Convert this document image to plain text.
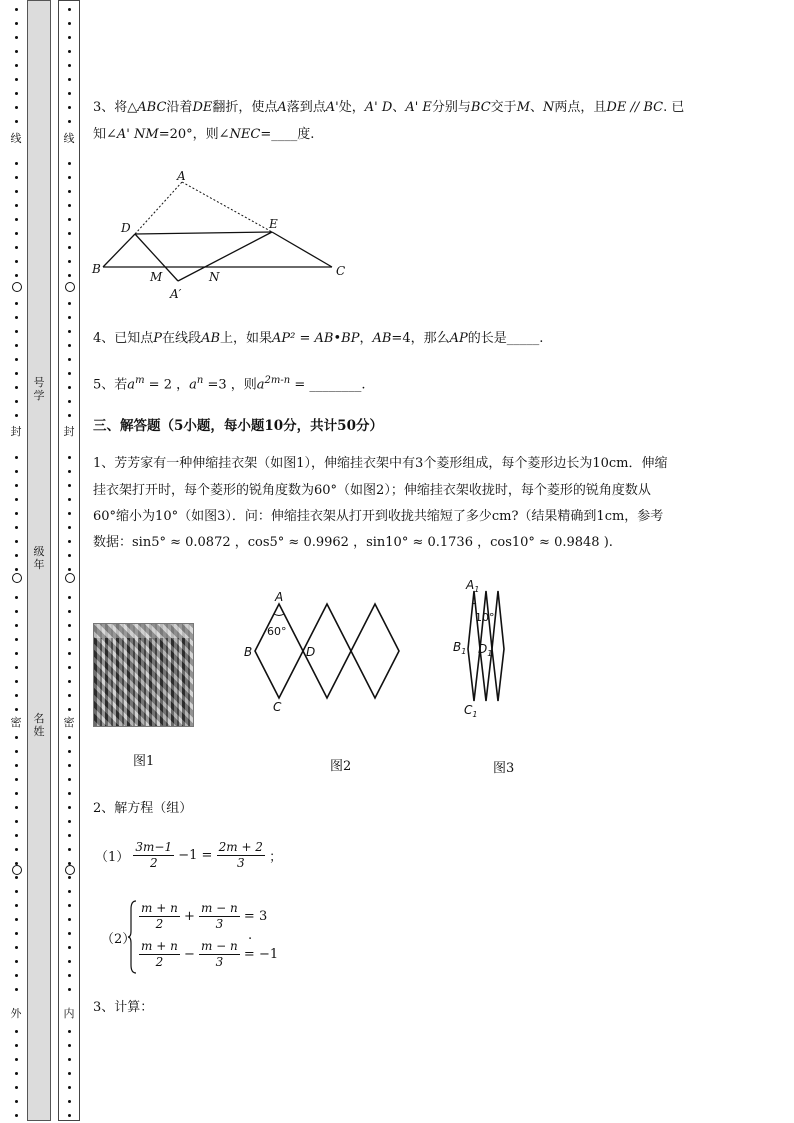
线
封
密
外
线
封
密
内
号学
级年
名姓
3、将△ABC沿着DE翻折，使点A落到点A'处，A' D、A' E分别与BC交于M、N两点，且DE // BC. 已
知∠A' NM=20°，则∠NEC=____度.
A
D	E
B
M	N	C
A′
4、已知点P在线段AB上，如果AP² = AB•BP，AB=4，那么AP的长是_____.
5、若$a^m = 2$ ，$a^n =3$ ，则$a^{2m-n}$ = ________.
三、解答题（5小题，每小题10分，共计50分）
1、芳芳家有一种伸缩挂衣架（如图1），伸缩挂衣架中有3个菱形组成，每个菱形边长为10cm．伸缩
挂衣架打开时，每个菱形的锐角度数为60°（如图2）；伸缩挂衣架收拢时，每个菱形的锐角度数从
60°缩小为10°（如图3）．问：伸缩挂衣架从打开到收拢共缩短了多少cm?（结果精确到1cm，参考
数据：sin5° ≈ 0.0872 ，cos5° ≈ 0.9962 ，sin10° ≈ 0.1736 ，cos10° ≈ 0.9848 ).
图1
A
B
C
D
60°
图2
$A_1$
$B_1$
$C_1$
$D_1$
10°
图3
2、解方程（组）
$(1) \frac{3m-1}{2} -1 = \frac{2m + 2}{3}$ ；
（2）
$\frac{m + n}{2} + \frac{m - n}{3} = 3$
$\frac{m + n}{2} - \frac{m - n}{3} = -1$
.
3、计算：
